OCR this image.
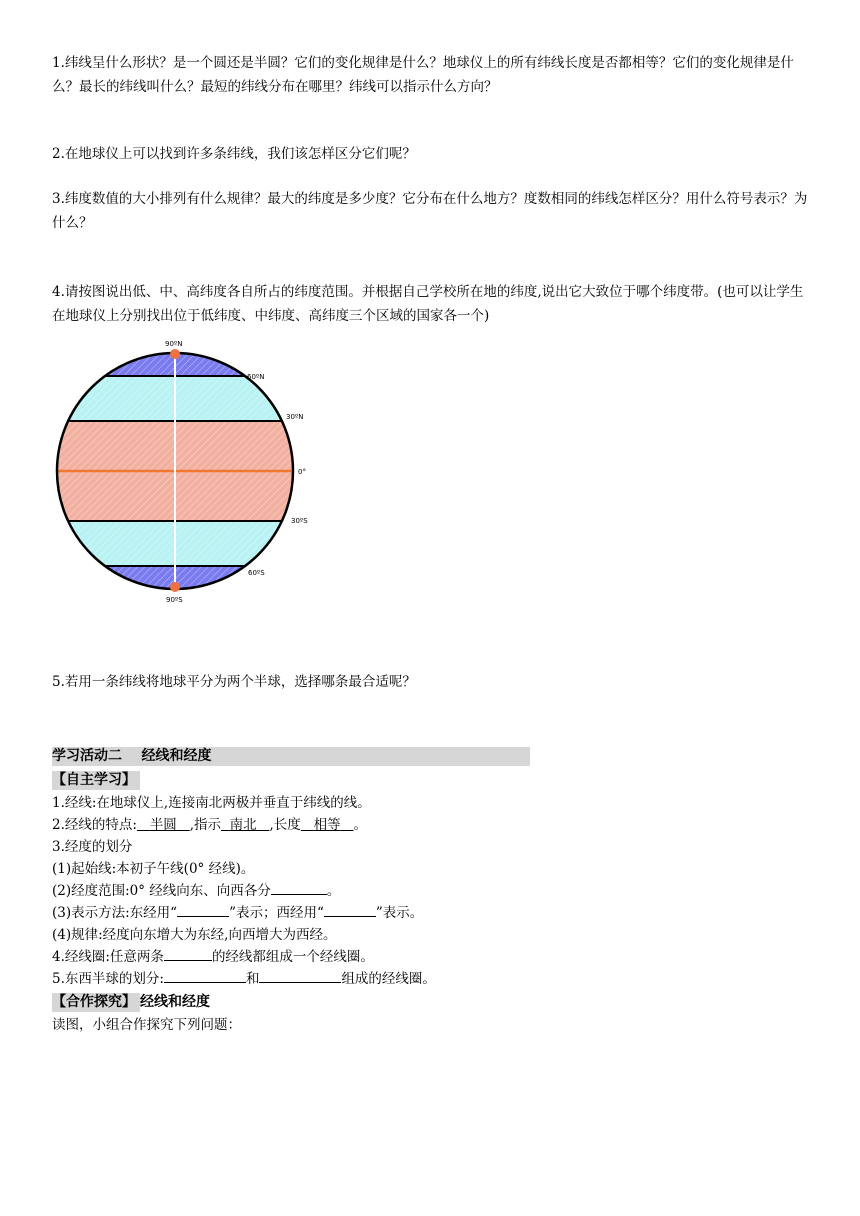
1.纬线呈什么形状？是一个圆还是半圆？它们的变化规律是什么？地球仪上的所有纬线长度是否都相等？它们的变化规律是什么？最长的纬线叫什么？最短的纬线分布在哪里？纬线可以指示什么方向？

2.在地球仪上可以找到许多条纬线，我们该怎样区分它们呢？

3.纬度数值的大小排列有什么规律？最大的纬度是多少度？它分布在什么地方？度数相同的纬线怎样区分？用什么符号表示？为什么？

4.请按图说出低、中、高纬度各自所占的纬度范围。并根据自己学校所在地的纬度,说出它大致位于哪个纬度带。(也可以让学生在地球仪上分别找出位于低纬度、中纬度、高纬度三个区域的国家各一个)

90ºN
60ºN
30ºN
0°
30ºS
60ºS
90ºS

5.若用一条纬线将地球平分为两个半球，选择哪条最合适呢？

学习活动二    经线和经度
【自主学习】
1.经线:在地球仪上,连接南北两极并垂直于纬线的线。
2.经线的特点: 半圆 ,指示 南北 ,长度 相等 。
3.经度的划分
(1)起始线:本初子午线(0° 经线)。
(2)经度范围:0° 经线向东、向西各分	。
(3)表示方法:东经用“	”表示；西经用“	”表示。
(4)规律:经度向东增大为东经,向西增大为西经。
4.经线圈:任意两条	的经线都组成一个经线圈。
5.东西半球的划分:	和	组成的经线圈。
【合作探究】 经线和经度
读图，小组合作探究下列问题：
